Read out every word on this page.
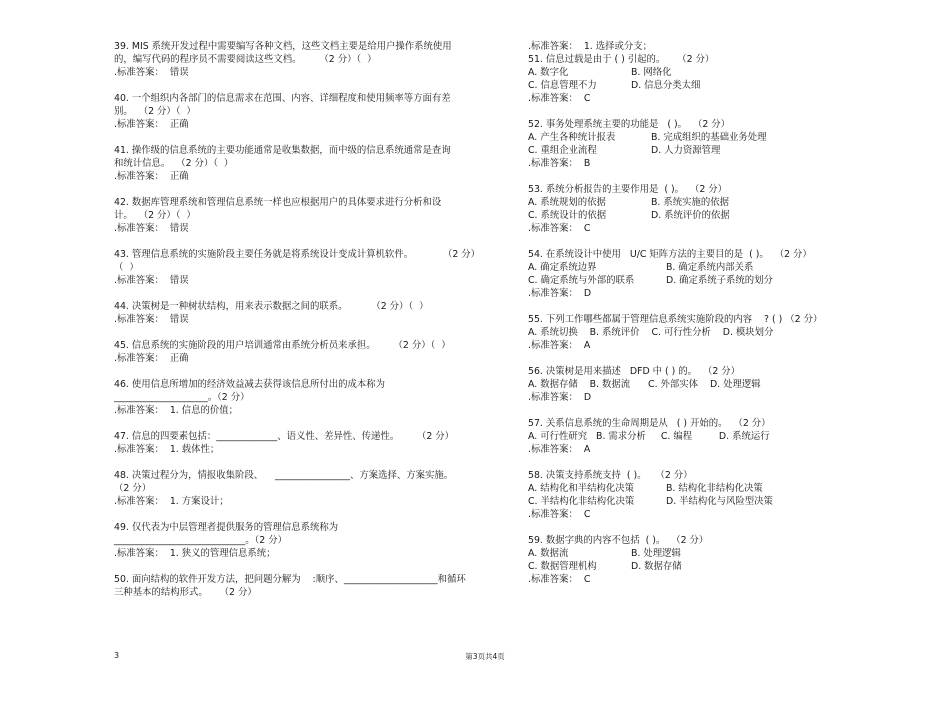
39. MIS 系统开发过程中需要编写各种文档，这些文档主要是给用户操作系统使用
的，编写代码的程序员不需要阅读这些文档。      （2 分）（  ）
.标准答案：  错误
40. 一个组织内各部门的信息需求在范围、内容、详细程度和使用频率等方面有差
别。  （2 分）（  ）
.标准答案：  正确
41. 操作级的信息系统的主要功能通常是收集数据，而中级的信息系统通常是查询
和统计信息。  （2 分）（  ）
.标准答案：  正确
42. 数据库管理系统和管理信息系统一样也应根据用户的具体要求进行分析和设
计。  （2 分）（  ）
.标准答案：  错误
43. 管理信息系统的实施阶段主要任务就是将系统设计变成计算机软件。          （2 分）
（  ）
.标准答案：  错误
44. 决策树是一种树状结构，用来表示数据之间的联系。        （2 分）（  ）
.标准答案：  错误
45. 信息系统的实施阶段的用户培训通常由系统分析员来承担。      （2 分）（  ）
.标准答案：  正确
46. 使用信息所增加的经济效益减去获得该信息所付出的成本称为
____________________。（2 分）
.标准答案：  1. 信息的价值；
47. 信息的四要素包括：_____________、语义性、差异性、传递性。      （2 分）
.标准答案：  1. 载体性；
48. 决策过程分为，情报收集阶段、    ________________、方案选择、方案实施。
（2 分）
.标准答案：  1. 方案设计；
49. 仅代表为中层管理者提供服务的管理信息系统称为
____________________________。（2 分）
.标准答案：  1. 狭义的管理信息系统；
50. 面向结构的软件开发方法，把问题分解为    :顺序、____________________和循环
三种基本的结构形式。    （2 分）
.标准答案：  1. 选择或分支；
51. 信息过载是由于 ( ) 引起的。    （2 分）
A. 数字化	B. 网络化
C. 信息管理不力	D. 信息分类太细
.标准答案：  C
52. 事务处理系统主要的功能是   ( )。  （2 分）
A. 产生各种统计报表	B. 完成组织的基础业务处理
C. 重组企业流程	D. 人力资源管理
.标准答案：  B
53. 系统分析报告的主要作用是  ( )。  （2 分）
A. 系统规划的依据	B. 系统实施的依据
C. 系统设计的依据	D. 系统评价的依据
.标准答案：  C
54. 在系统设计中使用   U/C 矩阵方法的主要目的是  ( )。  （2 分）
A. 确定系统边界	B. 确定系统内部关系
C. 确定系统与外部的联系	D. 确定系统子系统的划分
.标准答案：  D
55. 下列工作哪些都属于管理信息系统实施阶段的内容    ? ( ) （2 分）
A. 系统切换    B. 系统评价    C. 可行性分析    D. 模块划分
.标准答案：  A
56. 决策树是用来描述   DFD 中 ( ) 的。  （2 分）
A. 数据存储    B. 数据流      C. 外部实体    D. 处理逻辑
.标准答案：  D
57. 关系信息系统的生命周期是从   ( ) 开始的。  （2 分）
A. 可行性研究   B. 需求分析     C. 编程         D. 系统运行
.标准答案：  A
58. 决策支持系统支持  ( )。   （2 分）
A. 结构化和半结构化决策	B. 结构化非结构化决策
C. 半结构化非结构化决策	D. 半结构化与风险型决策
.标准答案：  C
59. 数据字典的内容不包括  ( )。  （2 分）
A. 数据流	B. 处理逻辑
C. 数据管理机构	D. 数据存储
.标准答案：  C
3	第3页共4页
